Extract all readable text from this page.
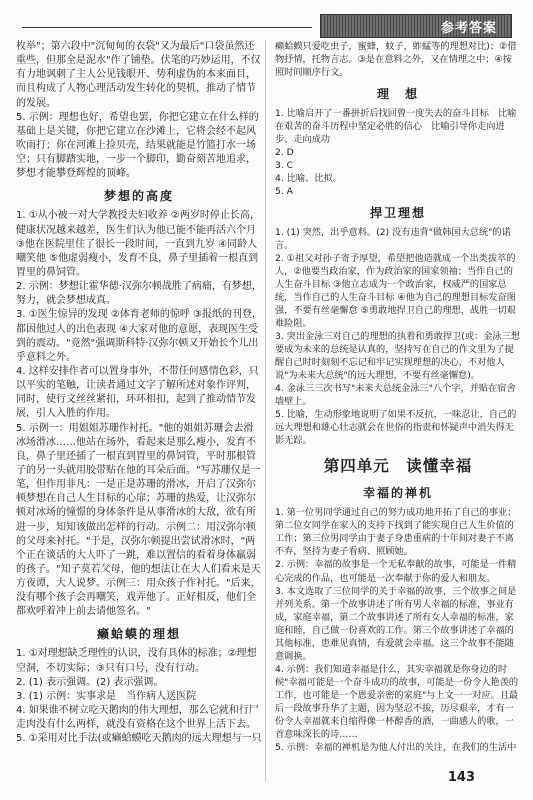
参考答案

枚举"；第六段中"沉甸甸的衣袋"又为最后"口袋虽然还重些，但那全是泥水"作了铺垫。伏笔的巧妙运用，不仅有力地讽刺了主人公见钱眼开、势利虚伪的本来面目，而且构成了人物心理活动发生转化的契机，推动了情节的发展。

5. 示例：理想也好，希望也罢，你把它建立在什么样的基础上是关键，你把它建立在沙滩上，它将会经不起风吹雨打；你在河滩上捡贝壳，结果就能是竹篮打水一场空；只有脚踏实地，一步一个脚印，勤奋刻苦地追求，梦想才能攀登辉煌的顶峰。

梦想的高度

1. ①从小被一对大学教授夫妇收养 ②两岁时停止长高，健康状况越来越差，医生们认为他已能不能再活六个月 ③他在医院里住了很长一段时间，一直到九岁 ④同龄人嘲笑他 ⑤他虚弱瘦小，发育不良，鼻子里插着一根直到胃里的鼻饲管。

2. 示例：梦想让霍华德·汉弥尔顿战胜了病痛，有梦想，努力，就会梦想成真。

3. ①医生惊异的发现 ②体育老师的惊呼 ③报纸的刊登，都因他过人的出色表现 ④大家对他的意愿，表现医生受到的震动。"竟然"强调斯科特·汉弥尔顿又开始长个儿出乎意料之外。

4. 这样安排作者可以置身事外，不带任何感情色彩，只以平实的笔触，让读者通过文字了解所述对象作评判，同时，使行文丝丝紧扣，环环相扣，起到了推动情节发展，引人入胜的作用。

5. 示例一：用姐姐苏珊作衬托。"他的姐姐苏珊会去滑冰场滑冰……他站在场外，看起来是那么瘦小，发育不良，鼻子里还插了一根直到胃里的鼻饲管，平时那根管子的另一头就用胶带贴在他的耳朵后面。"写苏珊仅是一笔，但作用非凡：一是正是苏珊的滑冰，开启了汉弥尔顿梦想在自己人生目标的心扉；苏珊的热爱，让汉弥尔顿对冰场的憧憬的身体条件是从事滑冰的大敌，欲有所进一步，知知该做出怎样的行动。示例二：用汉弥尔顿的父母来衬托。"于是，汉弥尔顿提出尝试滑冰时，"两个正在谈话的大人吓了一跳，难以置信的看着身体羸弱的孩子。"知子莫若父母，他的想法让在大人们看来是天方夜谭，大人说梦。示例三：用众孩子作衬托。"后来，没有哪个孩子会再嘲笑，戏弄他了。正好相反，他们全都欢呼着冲上前去请他签名。"

癞蛤蟆的理想

1. ①对理想缺乏理性的认识，没有具体的标准；②理想空洞，不切实际；③只有口号，没有行动。

2. (1) 表示强调。(2) 表示强调。

3. (1) 示例：实事求是　当作病人送医院

4. 如果谁不树立吃天鹅肉的伟大理想，那么它就和行尸走肉没有什么两样，就没有资格在这个世界上活下去。

5. ①采用对比手法(或癞蛤蟆吃天鹅肉的远大理想与一只

癞蛤蟆只爱吃虫子，蜜蜂，蚊子，蚱蜢等的理想对比)；②借物抒情，托物言志。③是在意料之外，又在情理之中；④按照时间顺序行文。

理　想

1. 比喻启开了一番拼折后找回曾一度失去的奋斗目标　比喻在艰苦的奋斗历程中坚定必胜的信心　比喻引导你走向进步、走向成功

2. D

3. C

4. 比喻、比拟。

5. A

捍卫理想

1. (1) 突然，出乎意料。(2) 没有违背"做韩国大总统"的诺言。

2. ①祖父对孙子寄予厚望，希望把他造就成一个出类拔萃的人，②他要当政治家，作为政治家的国家领袖；当作自己的人生奋斗目标 ③他立志成为一个政治家，权威严的国家总统，当作自己的人生奋斗目标 ④他为自己的理想目标发奋图强，不要有丝毫懈怠 ⑤勇敢地捍卫自己的理想，战胜一切艰难险阻。

3. 突出金泳三对自己的理想的执着和勇敢捍卫(或：金泳三想要成为未来的总统是认真的，坚持写在自己的作文里为了提醒自己时时刻刻不忘记和牢记实现理想的决心，不对他人说"为未来大总统"的远大理想，不要有丝毫懈怠)。

4. 金泳三三次书写"未来大总统金泳三"八个字，并贴在宿舍墙壁上。

5. 比喻，生动形象地说明了如果不反抗，一味忍让，自己的远大理想和雄心壮志就会在世俗的指责和怀疑声中消失得无影无踪。

第四单元　读懂幸福
幸福的禅机

1. 第一位男同学通过自己的努力成功地开拓了自己的事业；第二位女同学在家人的支持下找到了能实现自己人生价值的工作；第三位男同学由于妻子身患重病的十年间对妻子不离不弃，坚持为妻子看病、照顾她。

2. 示例：幸福的故事是一个无私奉献的故事，可能是一件精心完成的作品，也可能是一次奉献于你的爱人和朋友。

3. 本文选取了三位同学的关于幸福的故事，三个故事之间是并列关系。第一个故事讲述了所有男人幸福的标准，事业有成，家庭幸福，第二个故事讲述了所有女人幸福的标准，家庭和睦，自己做一份喜欢的工作。第三个故事讲述了幸福的其他标准，患难见真情，有爱就会幸福。这三个故事不能随意调换。

4. 示例：我们知道幸福是什么，其实幸福就是你身边的时候"幸福可能是一个奋斗成功的故事，可能是一份令人艳羡的工作，也可能是一个恩爱亲密的家庭"与上文一一对应。且最后一段故事升华了主题，因为坚忍不拔，历尽艰辛，才有一份令人幸福就来自缩得像一杯醇香的酒，一曲感人的歌，一首意味深长的诗……

5. 示例：幸福的禅机是为他人付出的关注，在我们的生活中

143
